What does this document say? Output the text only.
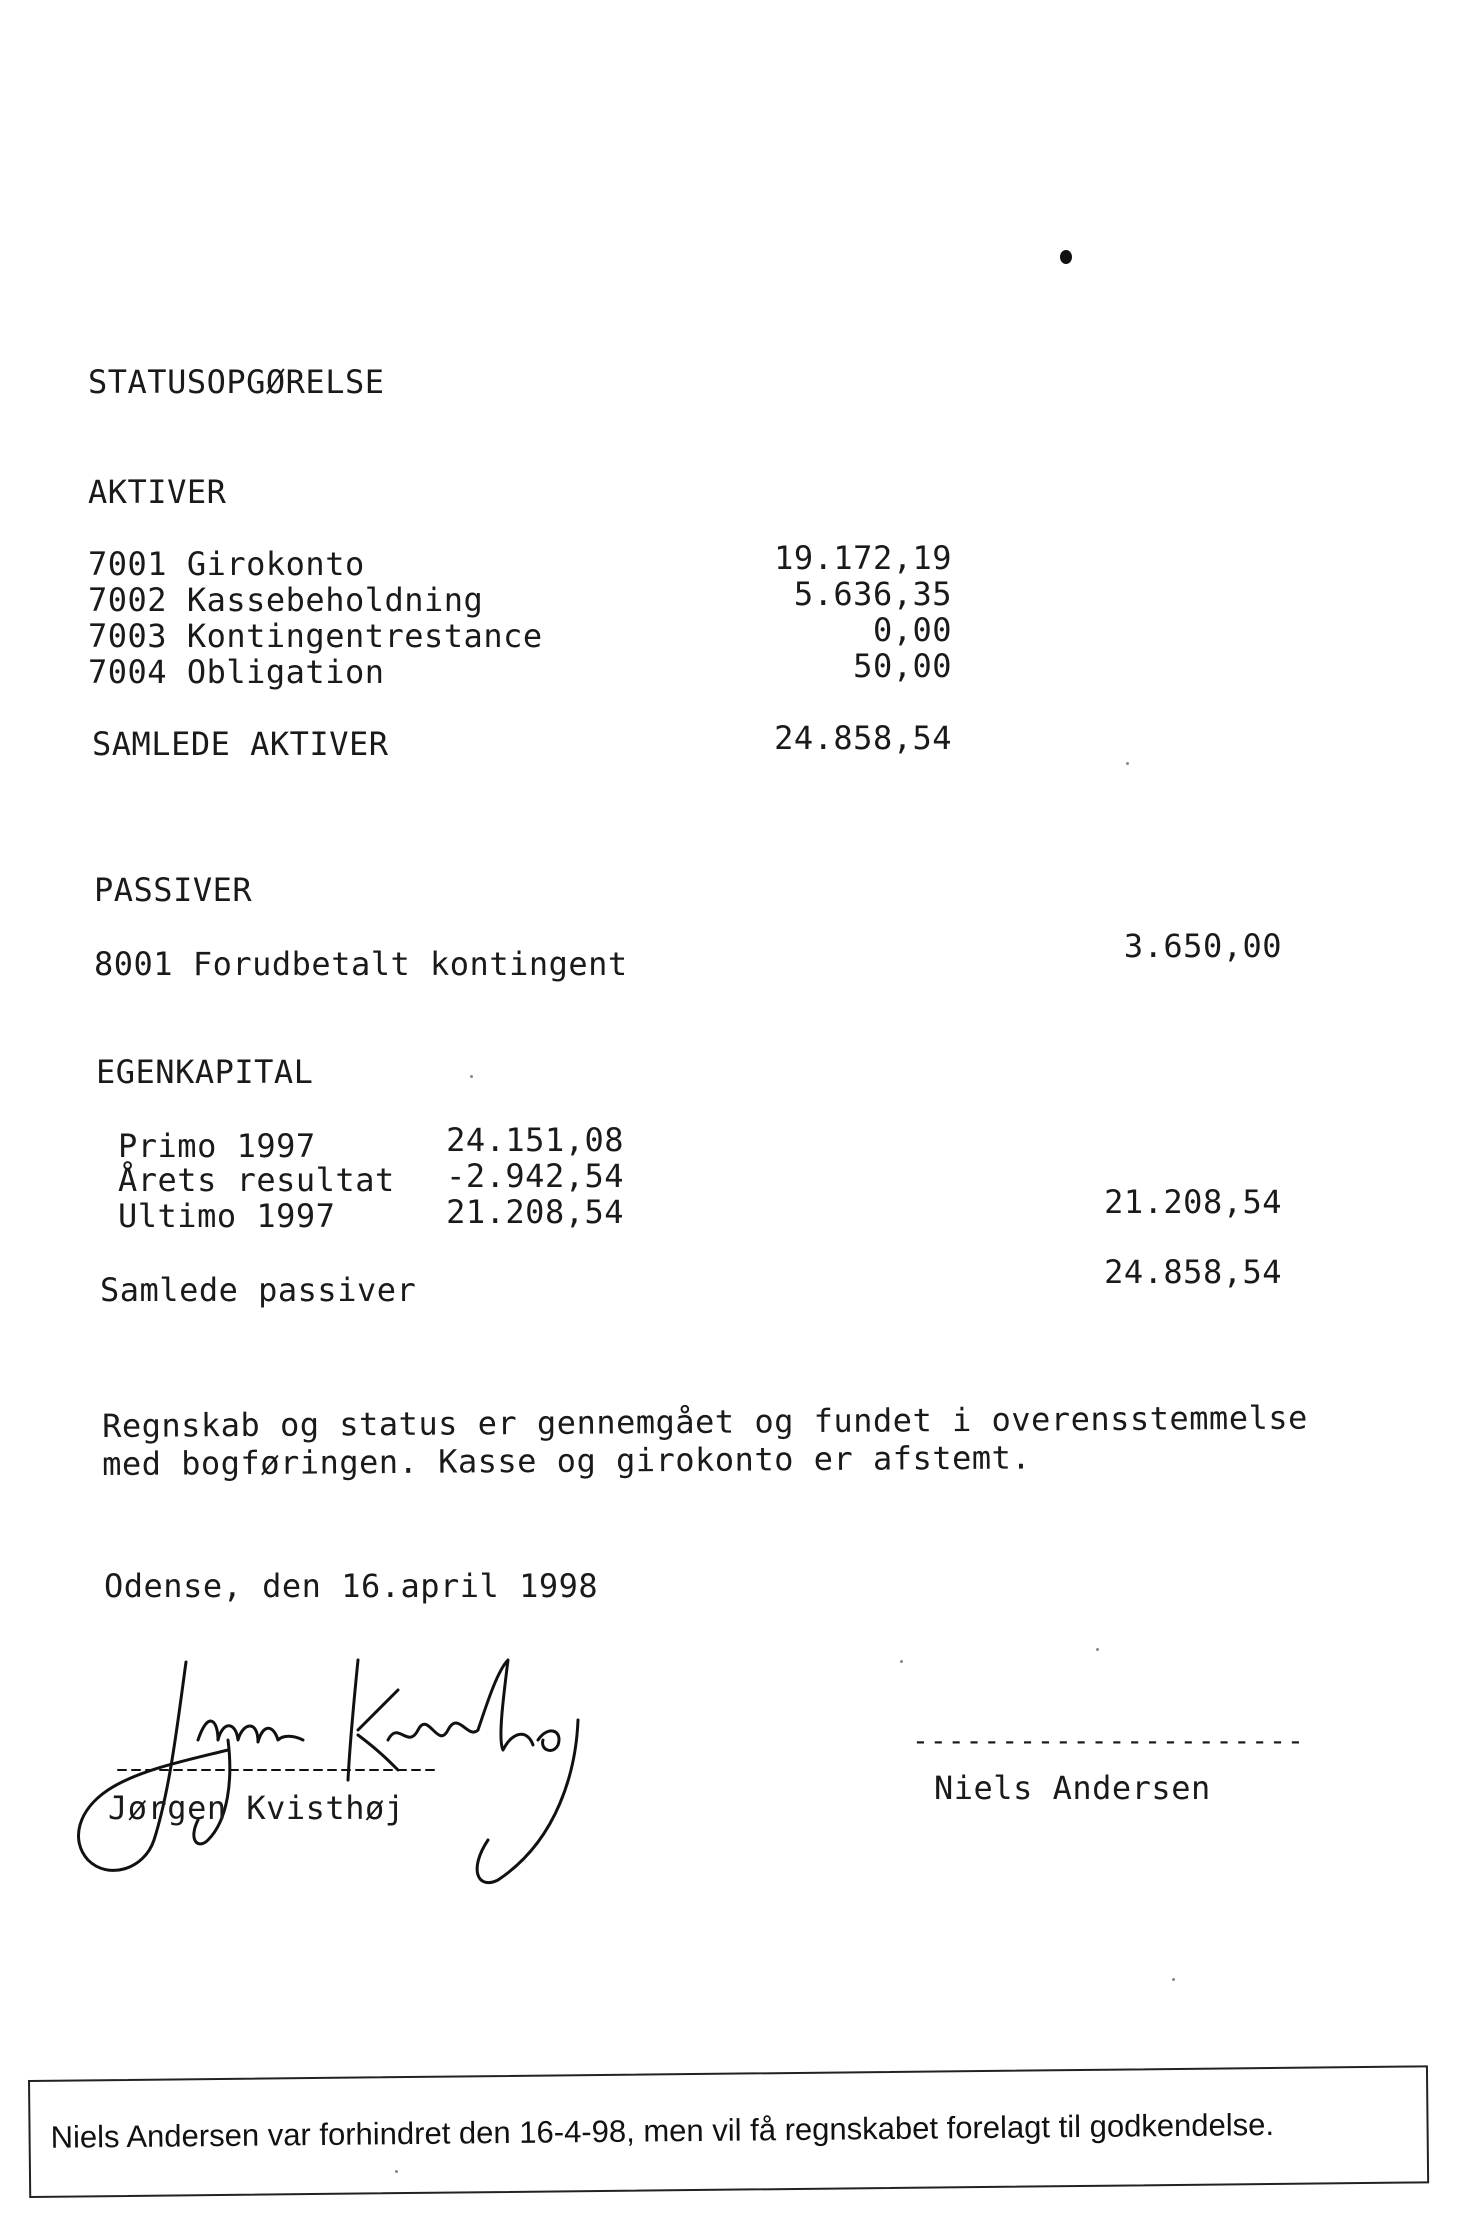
STATUSOPGØRELSE
AKTIVER
7001 Girokonto	19.172,19
7002 Kassebeholdning	5.636,35
7003 Kontingentrestance	0,00
7004 Obligation	50,00
SAMLEDE AKTIVER	24.858,54
PASSIVER
8001 Forudbetalt kontingent	3.650,00
EGENKAPITAL
Primo 1997	24.151,08
Årets resultat	-2.942,54
Ultimo 1997	21.208,54	21.208,54
Samlede passiver	24.858,54
Regnskab og status er gennemgået og fundet i overensstemmelse
med bogføringen. Kasse og girokonto er afstemt.
Odense, den 16.april 1998
Jørgen Kvisthøj
----------------------
Niels Andersen
Niels Andersen var forhindret den 16-4-98, men vil få regnskabet forelagt til godkendelse.
